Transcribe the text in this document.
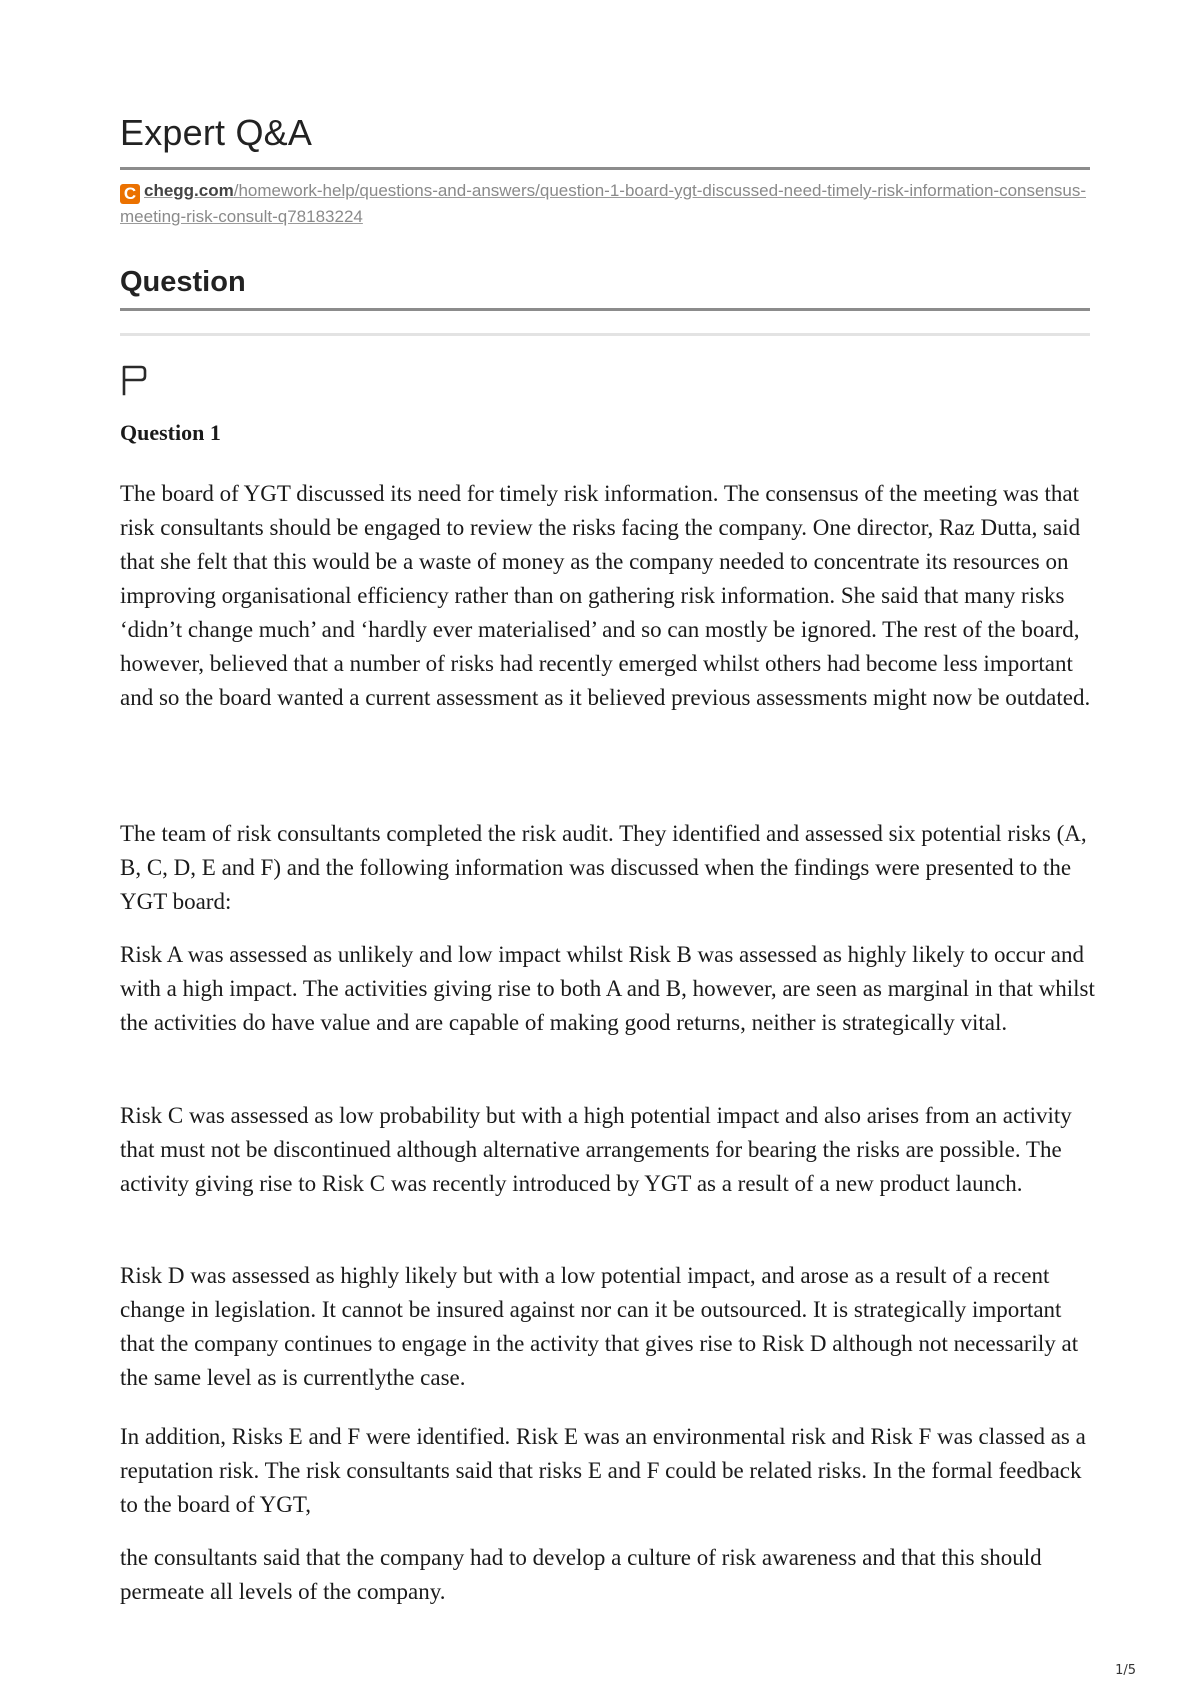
Expert Q&A
C chegg.com/homework-help/questions-and-answers/question-1-board-ygt-discussed-need-timely-risk-information-consensus-meeting-risk-consult-q78183224
Question
Question 1

The board of YGT discussed its need for timely risk information. The consensus of the meeting was that risk consultants should be engaged to review the risks facing the company. One director, Raz Dutta, said that she felt that this would be a waste of money as the company needed to concentrate its resources on improving organisational efficiency rather than on gathering risk information. She said that many risks ‘didn’t change much’ and ‘hardly ever materialised’ and so can mostly be ignored. The rest of the board, however, believed that a number of risks had recently emerged whilst others had become less important and so the board wanted a current assessment as it believed previous assessments might now be outdated.

The team of risk consultants completed the risk audit. They identified and assessed six potential risks (A, B, C, D, E and F) and the following information was discussed when the findings were presented to the YGT board:

Risk A was assessed as unlikely and low impact whilst Risk B was assessed as highly likely to occur and with a high impact. The activities giving rise to both A and B, however, are seen as marginal in that whilst the activities do have value and are capable of making good returns, neither is strategically vital.

Risk C was assessed as low probability but with a high potential impact and also arises from an activity that must not be discontinued although alternative arrangements for bearing the risks are possible. The activity giving rise to Risk C was recently introduced by YGT as a result of a new product launch.

Risk D was assessed as highly likely but with a low potential impact, and arose as a result of a recent change in legislation. It cannot be insured against nor can it be outsourced. It is strategically important that the company continues to engage in the activity that gives rise to Risk D although not necessarily at the same level as is currentlythe case.

In addition, Risks E and F were identified. Risk E was an environmental risk and Risk F was classed as a reputation risk. The risk consultants said that risks E and F could be related risks. In the formal feedback to the board of YGT,

the consultants said that the company had to develop a culture of risk awareness and that this should permeate all levels of the company.

1/5
